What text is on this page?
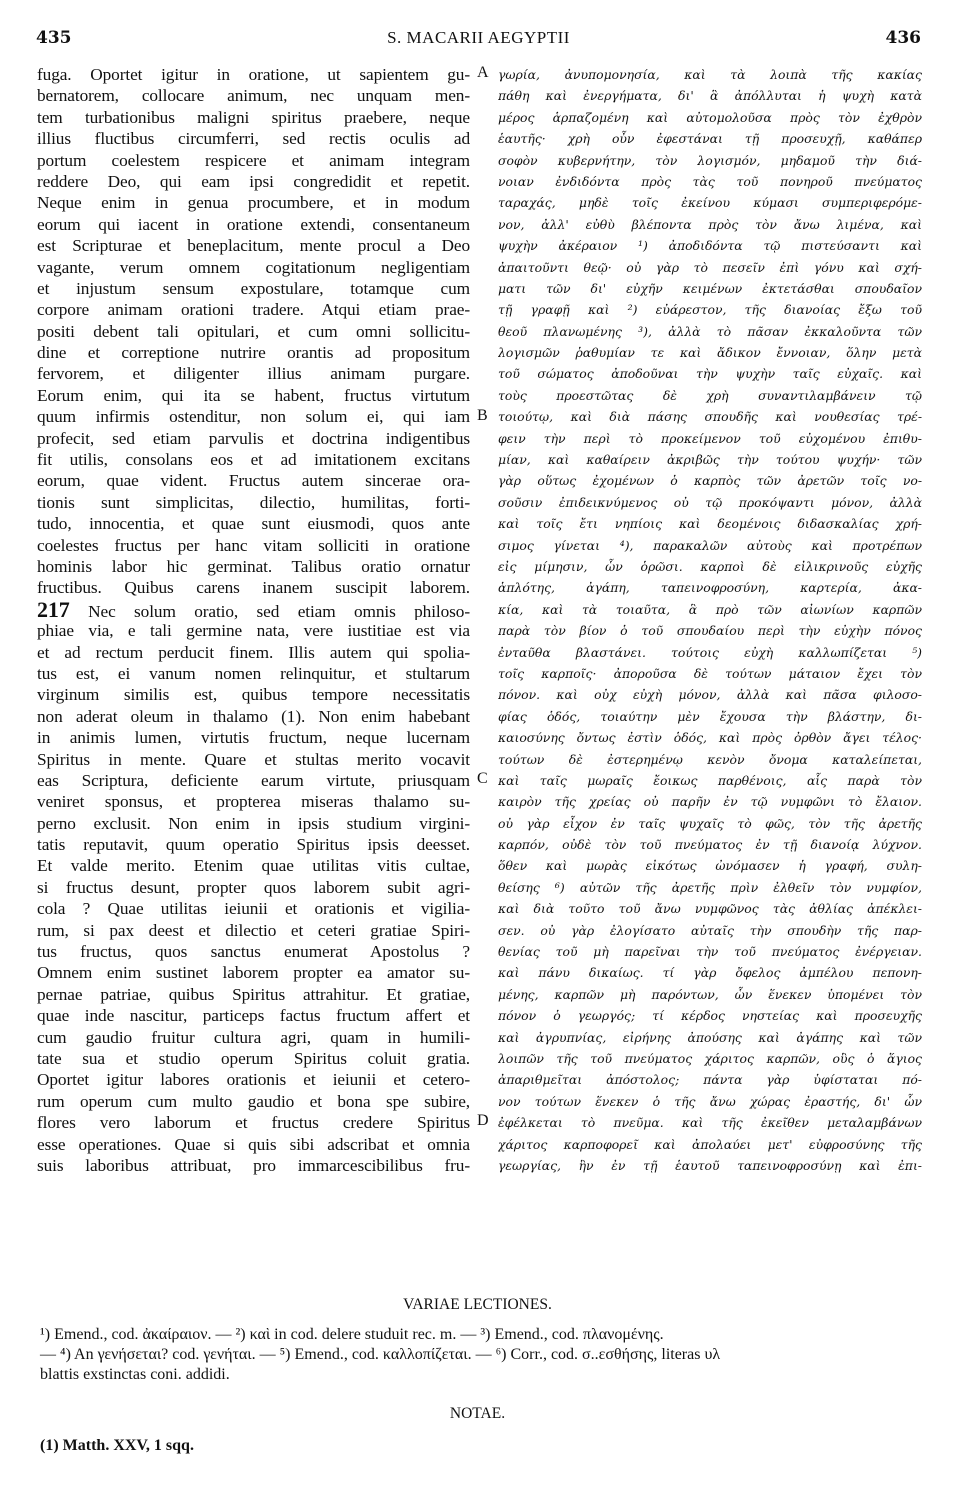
435	S. MACARII AEGYPTII	436
fuga. Oportet igitur in oratione, ut sapientem gu-
bernatorem, collocare animum, nec unquam men-
tem turbationibus maligni spiritus praebere, neque
illius fluctibus circumferri, sed rectis oculis ad
portum coelestem respicere et animam integram
reddere Deo, qui eam ipsi congredidit et repetit.
Neque enim in genua procumbere, et in modum
eorum qui iacent in oratione extendi, consentaneum
est Scripturae et beneplacitum, mente procul a Deo
vagante, verum omnem cogitationum negligentiam
et injustum sensum expostulare, totamque cum
corpore animam orationi tradere. Atqui etiam prae-
positi debent tali opitulari, et cum omni sollicitu-
dine et correptione nutrire orantis ad propositum
fervorem, et diligenter illius animam purgare.
Eorum enim, qui ita se habent, fructus virtutum
quum infirmis ostenditur, non solum ei, qui iam
profecit, sed etiam parvulis et doctrina indigentibus
fit utilis, consolans eos et ad imitationem excitans
eorum, quae vident. Fructus autem sincerae ora-
tionis sunt simplicitas, dilectio, humilitas, forti-
tudo, innocentia, et quae sunt eiusmodi, quos ante
coelestes fructus per hanc vitam solliciti in oratione
hominis labor hic germinat. Talibus oratio ornatur
fructibus. Quibus carens inanem suscipit laborem.
217 Nec solum oratio, sed etiam omnis philoso-
phiae via, e tali germine nata, vere iustitiae est via
et ad rectum perducit finem. Illis autem qui spolia-
tus est, ei vanum nomen relinquitur, et stultarum
virginum similis est, quibus tempore necessitatis
non aderat oleum in thalamo (1). Non enim habebant
in animis lumen, virtutis fructum, neque lucernam
Spiritus in mente. Quare et stultas merito vocavit
eas Scriptura, deficiente earum virtute, priusquam
veniret sponsus, et propterea miseras thalamo su-
perno exclusit. Non enim in ipsis studium virgini-
tatis reputavit, quum operatio Spiritus ipsis deesset.
Et valde merito. Etenim quae utilitas vitis cultae,
si fructus desunt, propter quos laborem subit agri-
cola ? Quae utilitas ieiunii et orationis et vigilia-
rum, si pax deest et dilectio et ceteri gratiae Spiri-
tus fructus, quos sanctus enumerat Apostolus ?
Omnem enim sustinet laborem propter ea amator su-
pernae patriae, quibus Spiritus attrahitur. Et gratiae,
quae inde nascitur, particeps factus fructum affert et
cum gaudio fruitur cultura agri, quam in humili-
tate sua et studio operum Spiritus coluit gratia.
Oportet igitur labores orationis et ieiunii et cetero-
rum operum cum multo gaudio et bona spe subire,
flores vero laborum et fructus credere Spiritus
esse operationes. Quae si quis sibi adscribat et omnia
suis laboribus attribuat, pro immarcescibilibus fru-
γωρία, ἀνυπομονησία, καὶ τὰ λοιπὰ τῆς κακίας
πάθη καὶ ἐνεργήματα, δι' ἃ ἀπόλλυται ἡ ψυχὴ κατὰ
μέρος ἁρπαζομένη καὶ αὐτομολοῦσα πρὸς τὸν ἐχθρὸν
ἑαυτῆς· χρὴ οὖν ἐφεστάναι τῇ προσευχῇ, καθάπερ
σοφὸν κυβερνήτην, τὸν λογισμόν, μηδαμοῦ τὴν διά-
νοιαν ἐνδιδόντα πρὸς τὰς τοῦ πονηροῦ πνεύματος
ταραχάς, μηδὲ τοῖς ἐκείνου κύμασι συμπεριφερόμε-
νον, ἀλλ' εὐθὺ βλέποντα πρὸς τὸν ἄνω λιμένα, καὶ
ψυχὴν ἀκέραιον ¹) ἀποδιδόντα τῷ πιστεύσαντι καὶ
ἀπαιτοῦντι θεῷ· οὐ γὰρ τὸ πεσεῖν ἐπὶ γόνυ καὶ σχή-
ματι τῶν δι' εὐχῆν κειμένων ἐκτετάσθαι σπουδαῖον
τῇ γραφῇ καὶ ²) εὐάρεστον, τῆς διανοίας ἔξω τοῦ
θεοῦ πλανωμένης ³), ἀλλὰ τὸ πᾶσαν ἐκκαλοῦντα τῶν
λογισμῶν ῥαθυμίαν τε καὶ ἄδικον ἔννοιαν, ὅλην μετὰ
τοῦ σώματος ἀποδοῦναι τὴν ψυχὴν ταῖς εὐχαῖς. καὶ
τοὺς προεστῶτας δὲ χρὴ συναντιλαμβάνειν τῷ
τοιούτῳ, καὶ διὰ πάσης σπουδῆς καὶ νουθεσίας τρέ-
φειν τὴν περὶ τὸ προκείμενον τοῦ εὐχομένου ἐπιθυ-
μίαν, καὶ καθαίρειν ἀκριβῶς τὴν τούτου ψυχήν· τῶν
γὰρ οὕτως ἐχομένων ὁ καρπὸς τῶν ἀρετῶν τοῖς νο-
σοῦσιν ἐπιδεικνύμενος οὐ τῷ προκόψαντι μόνον, ἀλλὰ
καὶ τοῖς ἔτι νηπίοις καὶ δεομένοις διδασκαλίας χρή-
σιμος γίνεται ⁴), παρακαλῶν αὐτοὺς καὶ προτρέπων
εἰς μίμησιν, ὧν ὁρῶσι. καρποὶ δὲ εἰλικρινοῦς εὐχῆς
ἁπλότης, ἀγάπη, ταπεινοφροσύνη, καρτερία, ἀκα-
κία, καὶ τὰ τοιαῦτα, ἃ πρὸ τῶν αἰωνίων καρπῶν
παρὰ τὸν βίον ὁ τοῦ σπουδαίου περὶ τὴν εὐχὴν πόνος
ἐνταῦθα βλαστάνει. τούτοις εὐχὴ καλλωπίζεται ⁵)
τοῖς καρποῖς· ἀποροῦσα δὲ τούτων μάταιον ἔχει τὸν
πόνον. καὶ οὐχ εὐχὴ μόνον, ἀλλὰ καὶ πᾶσα φιλοσο-
φίας ὁδός, τοιαύτην μὲν ἔχουσα τὴν βλάστην, δι-
καιοσύνης ὄντως ἐστὶν ὁδός, καὶ πρὸς ὀρθὸν ἄγει τέλος·
τούτων δὲ ἐστερημένῳ κενὸν ὄνομα καταλείπεται,
καὶ ταῖς μωραῖς ἔοικως παρθένοις, αἷς παρὰ τὸν
καιρὸν τῆς χρείας οὐ παρῆν ἐν τῷ νυμφῶνι τὸ ἔλαιον.
οὐ γὰρ εἶχον ἐν ταῖς ψυχαῖς τὸ φῶς, τὸν τῆς ἀρετῆς
καρπόν, οὐδὲ τὸν τοῦ πνεύματος ἐν τῇ διανοίᾳ λύχνον.
ὅθεν καὶ μωρὰς εἰκότως ὠνόμασεν ἡ γραφή, συλη-
θείσης ⁶) αὐτῶν τῆς ἀρετῆς πρὶν ἐλθεῖν τὸν νυμφίον,
καὶ διὰ τοῦτο τοῦ ἄνω νυμφῶνος τὰς ἀθλίας ἀπέκλει-
σεν. οὐ γὰρ ἐλογίσατο αὐταῖς τὴν σπουδὴν τῆς παρ-
θενίας τοῦ μὴ παρεῖναι τὴν τοῦ πνεύματος ἐνέργειαν.
καὶ πάνυ δικαίως. τί γὰρ ὄφελος ἀμπέλου πεπονη-
μένης, καρπῶν μὴ παρόντων, ὧν ἕνεκεν ὑπομένει τὸν
πόνον ὁ γεωργός; τί κέρδος νηστείας καὶ προσευχῆς
καὶ ἀγρυπνίας, εἰρήνης ἀπούσης καὶ ἀγάπης καὶ τῶν
λοιπῶν τῆς τοῦ πνεύματος χάριτος καρπῶν, οὓς ὁ ἅγιος
ἀπαριθμεῖται ἀπόστολος; πάντα γὰρ ὑφίσταται πό-
νον τούτων ἕνεκεν ὁ τῆς ἄνω χώρας ἐραστής, δι' ὧν
ἐφέλκεται τὸ πνεῦμα. καὶ τῆς ἐκεῖθεν μεταλαμβάνων
χάριτος καρποφορεῖ καὶ ἀπολαύει μετ' εὐφροσύνης τῆς
γεωργίας, ἣν ἐν τῇ ἑαυτοῦ ταπεινοφροσύνῃ καὶ ἐπι-
A
B
C
D
VARIAE LECTIONES.
¹) Emend., cod. ἀκαίραιον. — ²) καὶ in cod. delere studuit rec. m. — ³) Emend., cod. πλανομένης.
— ⁴) An γενήσεται? cod. γενήται. — ⁵) Emend., cod. καλλοπίζεται. — ⁶) Corr., cod. σ..εσθήσης, literas υλ
blattis exstinctas coni. addidi.
NOTAE.
(1) Matth. XXV, 1 sqq.
